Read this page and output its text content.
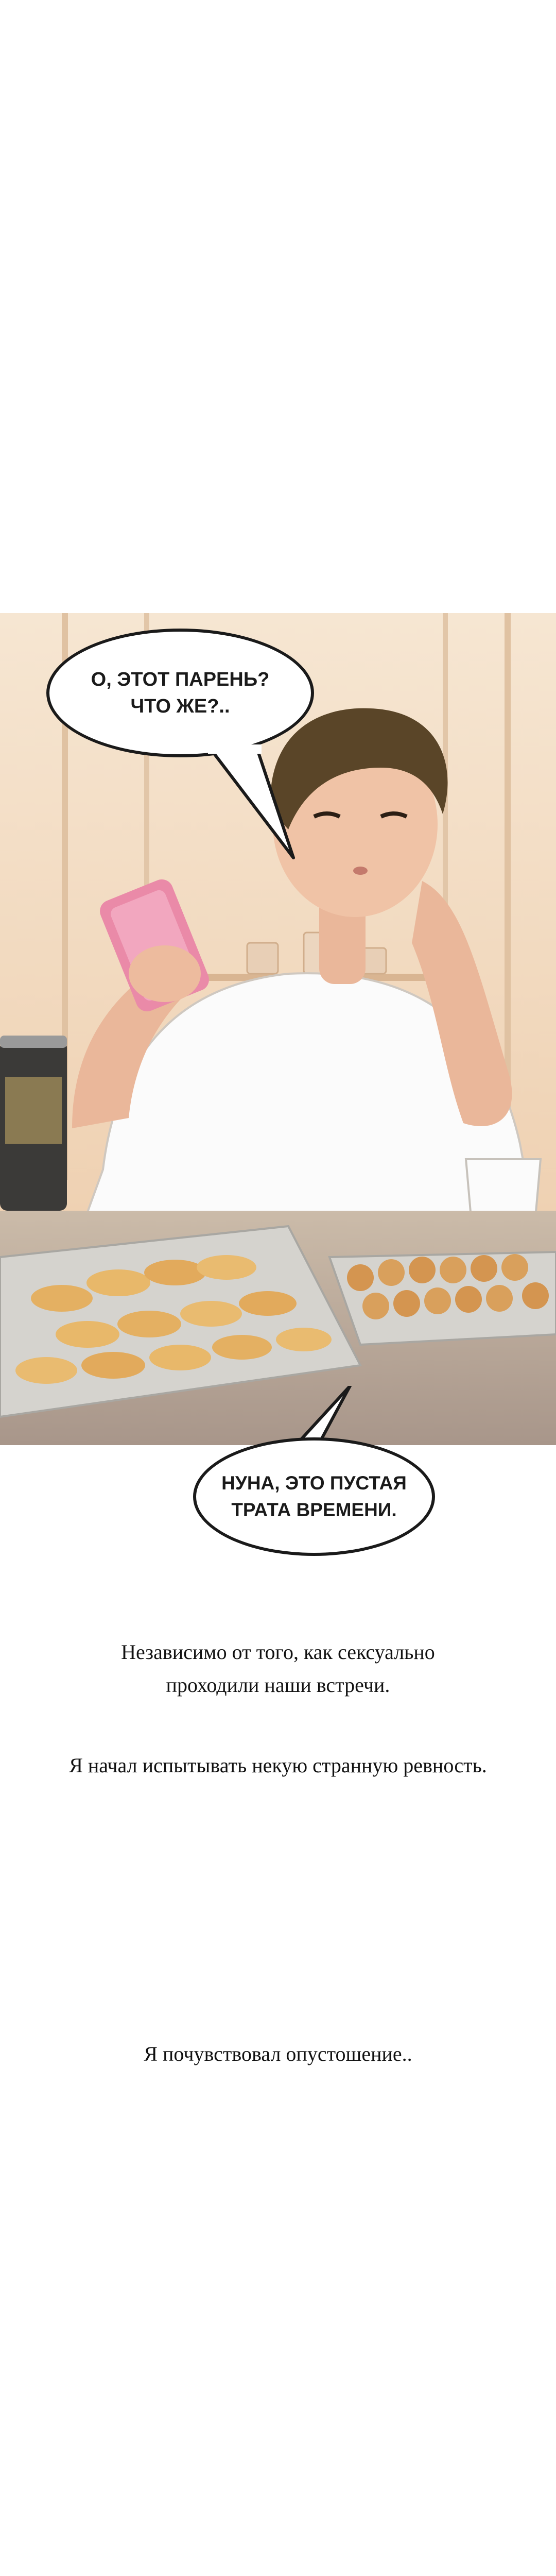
О, ЭТОТ ПАРЕНЬ?
ЧТО ЖЕ?..
НУНА, ЭТО ПУСТАЯ
ТРАТА ВРЕМЕНИ.
Независимо от того, как сексуально
проходили наши встречи.
Я начал испытывать некую странную ревность.
Я почувствовал опустошение..
